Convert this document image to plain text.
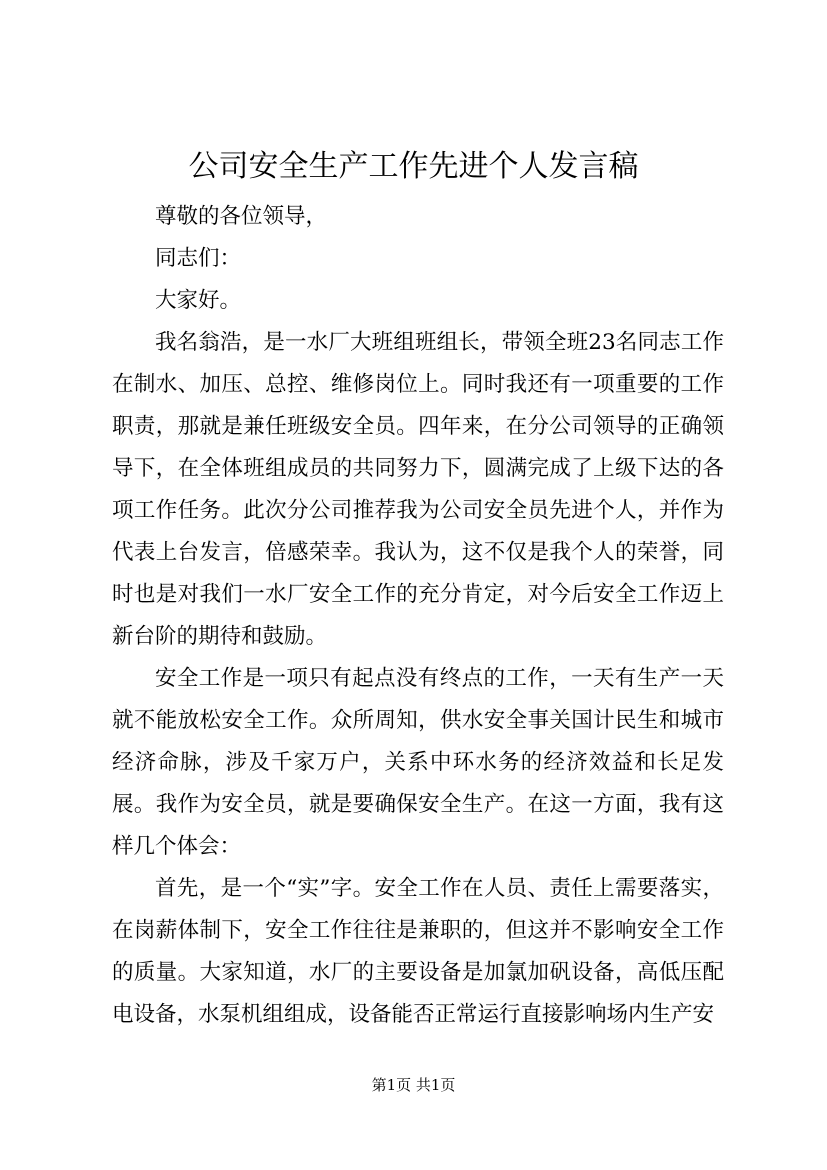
公司安全生产工作先进个人发言稿

尊敬的各位领导，

同志们：

大家好。

我名翁浩，是一水厂大班组班组长，带领全班23名同志工作在制水、加压、总控、维修岗位上。同时我还有一项重要的工作职责，那就是兼任班级安全员。四年来，在分公司领导的正确领导下，在全体班组成员的共同努力下，圆满完成了上级下达的各项工作任务。此次分公司推荐我为公司安全员先进个人，并作为代表上台发言，倍感荣幸。我认为，这不仅是我个人的荣誉，同时也是对我们一水厂安全工作的充分肯定，对今后安全工作迈上新台阶的期待和鼓励。

安全工作是一项只有起点没有终点的工作，一天有生产一天就不能放松安全工作。众所周知，供水安全事关国计民生和城市经济命脉，涉及千家万户，关系中环水务的经济效益和长足发展。我作为安全员，就是要确保安全生产。在这一方面，我有这样几个体会：

首先，是一个“实”字。安全工作在人员、责任上需要落实，在岗薪体制下，安全工作往往是兼职的，但这并不影响安全工作的质量。大家知道，水厂的主要设备是加氯加矾设备，高低压配电设备，水泵机组组成，设备能否正常运行直接影响场内生产安

第1页 共1页
